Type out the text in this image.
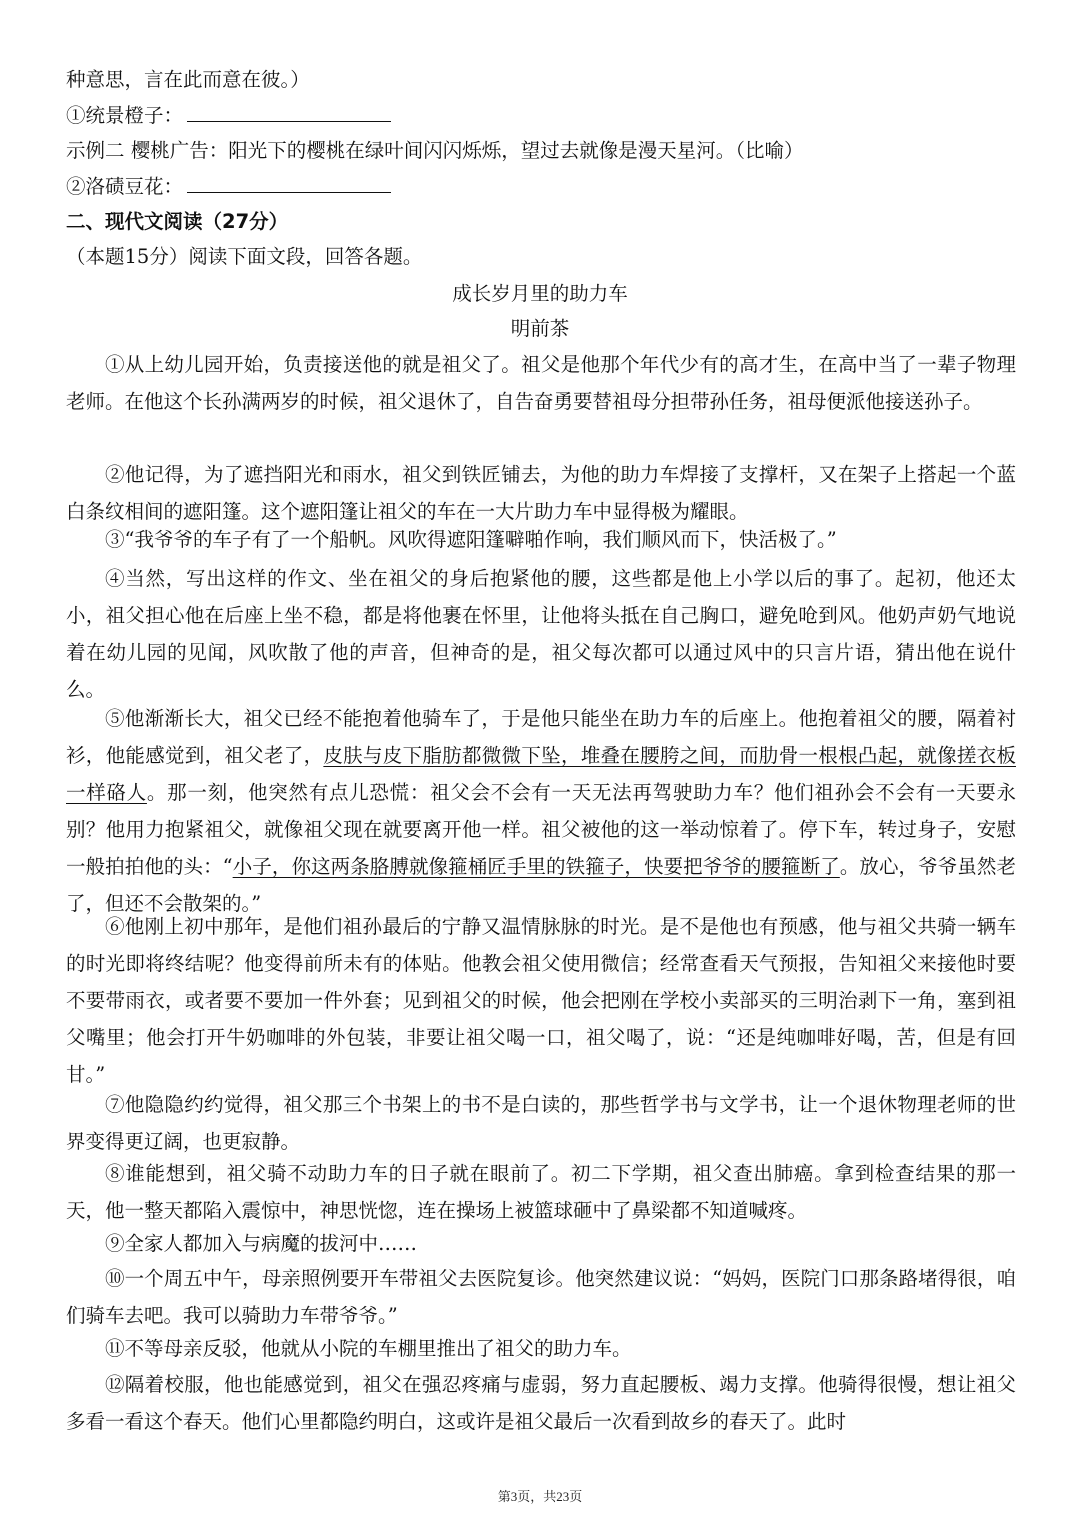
种意思，言在此而意在彼。）
①统景橙子：
示例二 樱桃广告：阳光下的樱桃在绿叶间闪闪烁烁，望过去就像是漫天星河。（比喻）
②洛碛豆花：
二、现代文阅读（27分）
（本题15分）阅读下面文段，回答各题。
成长岁月里的助力车
明前茶

①从上幼儿园开始，负责接送他的就是祖父了。祖父是他那个年代少有的高才生，在高中当了一辈子物理老师。在他这个长孙满两岁的时候，祖父退休了，自告奋勇要替祖母分担带孙任务，祖母便派他接送孙子。

②他记得，为了遮挡阳光和雨水，祖父到铁匠铺去，为他的助力车焊接了支撑杆，又在架子上搭起一个蓝白条纹相间的遮阳篷。这个遮阳篷让祖父的车在一大片助力车中显得极为耀眼。

③“我爷爷的车子有了一个船帆。风吹得遮阳篷噼啪作响，我们顺风而下，快活极了。”

④当然，写出这样的作文、坐在祖父的身后抱紧他的腰，这些都是他上小学以后的事了。起初，他还太小，祖父担心他在后座上坐不稳，都是将他裹在怀里，让他将头抵在自己胸口，避免呛到风。他奶声奶气地说着在幼儿园的见闻，风吹散了他的声音，但神奇的是，祖父每次都可以通过风中的只言片语，猜出他在说什么。

⑤他渐渐长大，祖父已经不能抱着他骑车了，于是他只能坐在助力车的后座上。他抱着祖父的腰，隔着衬衫，他能感觉到，祖父老了，皮肤与皮下脂肪都微微下坠，堆叠在腰胯之间，而肋骨一根根凸起，就像搓衣板一样硌人。那一刻，他突然有点儿恐慌：祖父会不会有一天无法再驾驶助力车？他们祖孙会不会有一天要永别？他用力抱紧祖父，就像祖父现在就要离开他一样。祖父被他的这一举动惊着了。停下车，转过身子，安慰一般拍拍他的头：“小子，你这两条胳膊就像箍桶匠手里的铁箍子，快要把爷爷的腰箍断了。放心，爷爷虽然老了，但还不会散架的。”

⑥他刚上初中那年，是他们祖孙最后的宁静又温情脉脉的时光。是不是他也有预感，他与祖父共骑一辆车的时光即将终结呢？他变得前所未有的体贴。他教会祖父使用微信；经常查看天气预报，告知祖父来接他时要不要带雨衣，或者要不要加一件外套；见到祖父的时候，他会把刚在学校小卖部买的三明治剥下一角，塞到祖父嘴里；他会打开牛奶咖啡的外包装，非要让祖父喝一口，祖父喝了，说：“还是纯咖啡好喝，苦，但是有回甘。”

⑦他隐隐约约觉得，祖父那三个书架上的书不是白读的，那些哲学书与文学书，让一个退休物理老师的世界变得更辽阔，也更寂静。

⑧谁能想到，祖父骑不动助力车的日子就在眼前了。初二下学期，祖父查出肺癌。拿到检查结果的那一天，他一整天都陷入震惊中，神思恍惚，连在操场上被篮球砸中了鼻梁都不知道喊疼。

⑨全家人都加入与病魔的拔河中……

⑩一个周五中午，母亲照例要开车带祖父去医院复诊。他突然建议说：“妈妈，医院门口那条路堵得很，咱们骑车去吧。我可以骑助力车带爷爷。”

⑪不等母亲反驳，他就从小院的车棚里推出了祖父的助力车。

⑫隔着校服，他也能感觉到，祖父在强忍疼痛与虚弱，努力直起腰板、竭力支撑。他骑得很慢，想让祖父多看一看这个春天。他们心里都隐约明白，这或许是祖父最后一次看到故乡的春天了。此时

第3页，共23页
